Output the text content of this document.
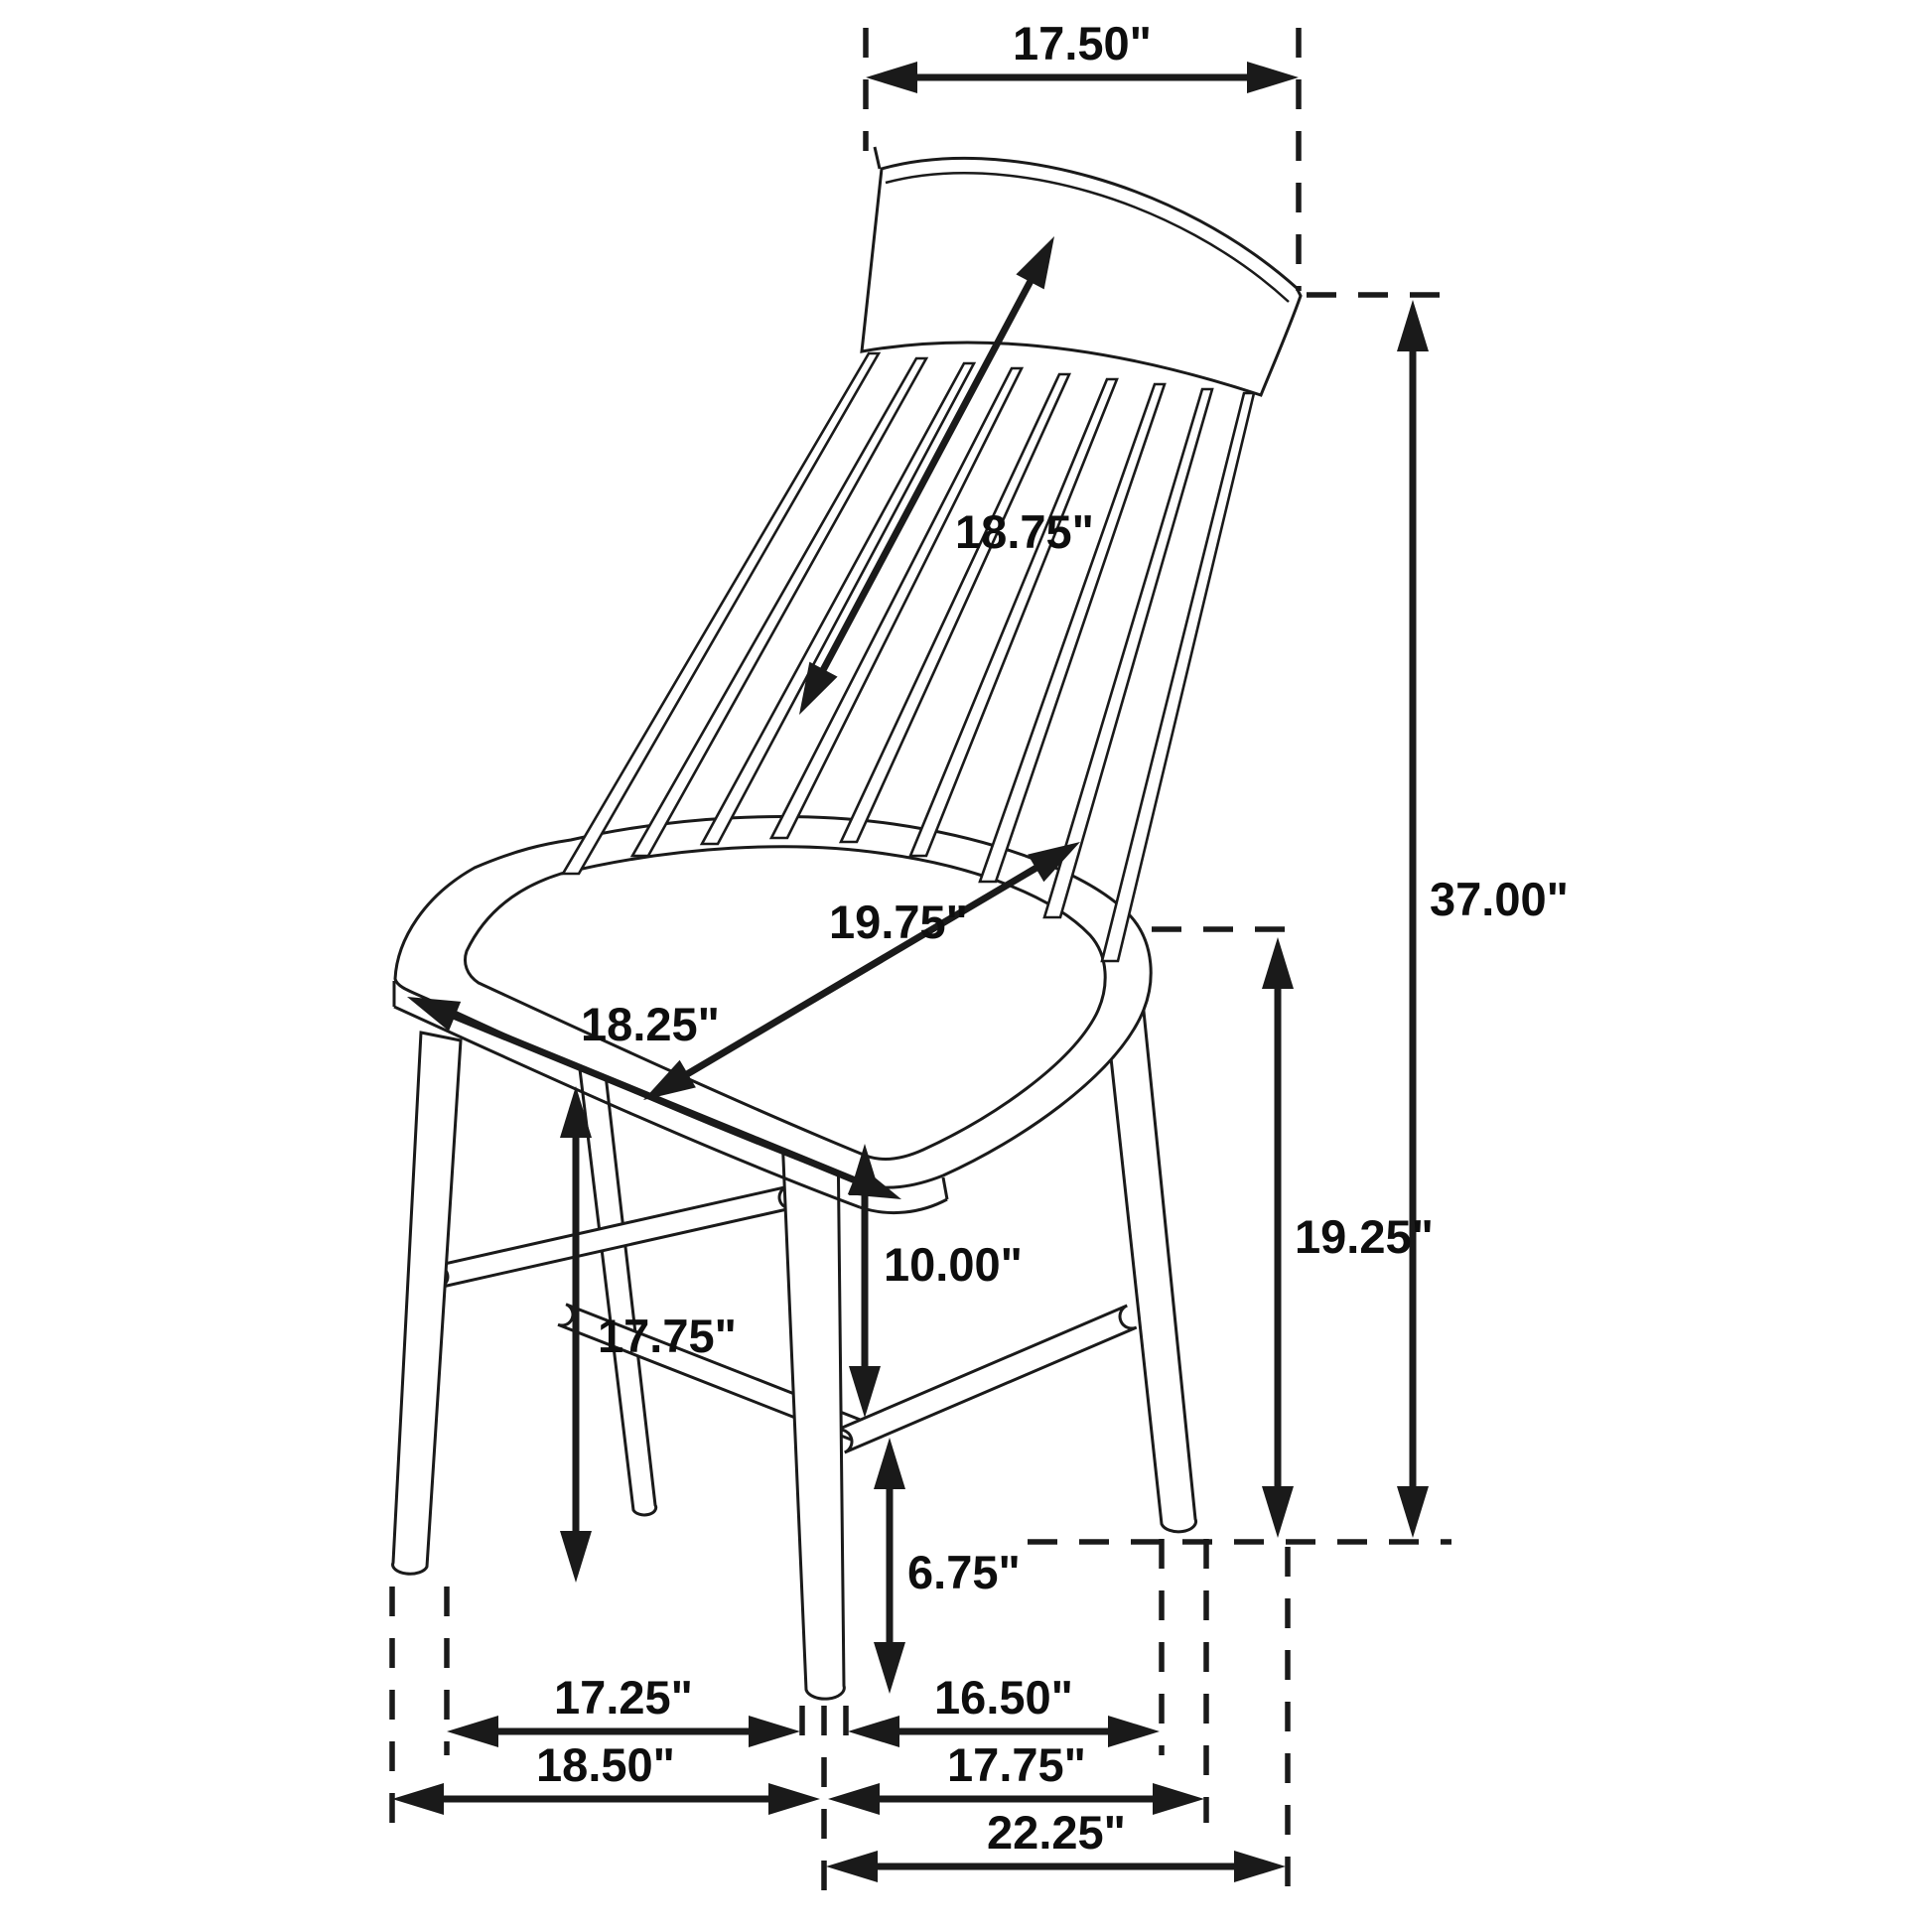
17.50"
18.75"
37.00"
19.25"
19.75"
18.25"
17.75"
10.00"
6.75"
17.25"	16.50"
18.50"	17.75"
22.25"
